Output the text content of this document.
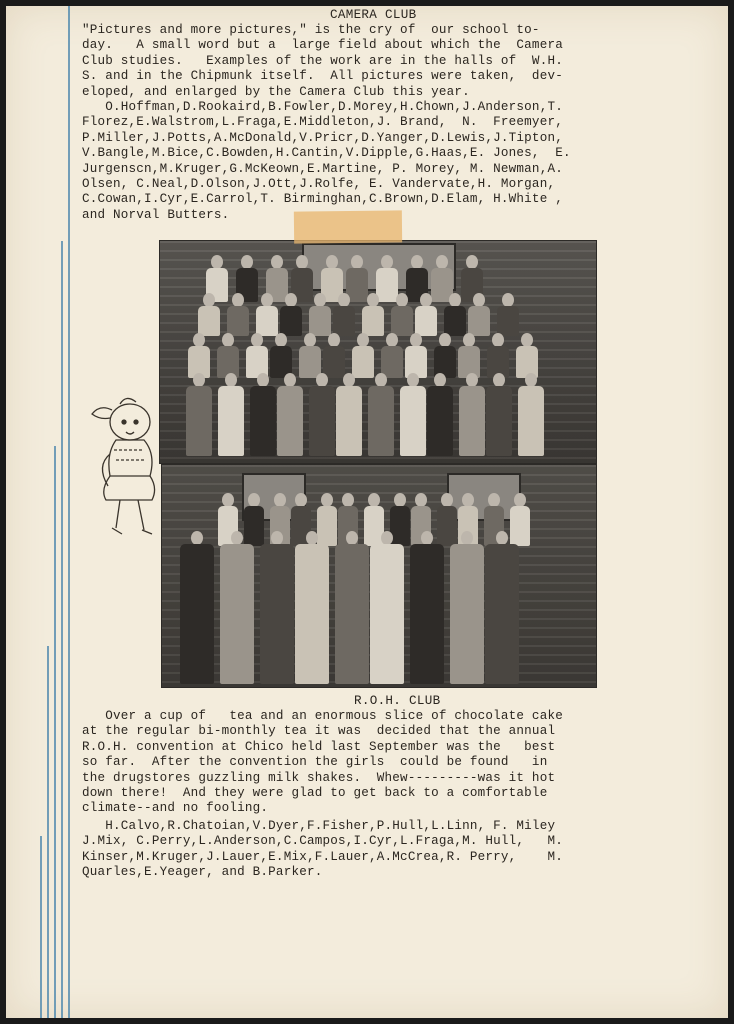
CAMERA CLUB

"Pictures and more pictures," is the cry of  our school to-

day.   A small word but a  large field about which the  Camera

Club studies.   Examples of the work are in the halls of  W.H.

S. and in the Chipmunk itself.  All pictures were taken,  dev-

eloped, and enlarged by the Camera Club this year.

O.Hoffman,D.Rookaird,B.Fowler,D.Morey,H.Chown,J.Anderson,T.

Florez,E.Walstrom,L.Fraga,E.Middleton,J. Brand,  N.  Freemyer,

P.Miller,J.Potts,A.McDonald,V.Pricr,D.Yanger,D.Lewis,J.Tipton,

V.Bangle,M.Bice,C.Bowden,H.Cantin,V.Dipple,G.Haas,E. Jones,  E.

Jurgenscn,M.Kruger,G.McKeown,E.Martine, P. Morey, M. Newman,A.

Olsen, C.Neal,D.Olson,J.Ott,J.Rolfe, E. Vandervate,H. Morgan,

C.Cowan,I.Cyr,E.Carrol,T. Birminghan,C.Brown,D.Elam, H.White ,

and Norval Butters.

R.O.H. CLUB

Over a cup of   tea and an enormous slice of chocolate cake

at the regular bi-monthly tea it was  decided that the annual

R.O.H. convention at Chico held last September was the   best

so far.  After the convention the girls  could be found   in

the drugstores guzzling milk shakes.  Whew---------was it hot

down there!  And they were glad to get back to a comfortable

climate--and no fooling.

H.Calvo,R.Chatoian,V.Dyer,F.Fisher,P.Hull,L.Linn, F. Miley

J.Mix, C.Perry,L.Anderson,C.Campos,I.Cyr,L.Fraga,M. Hull,   M.

Kinser,M.Kruger,J.Lauer,E.Mix,F.Lauer,A.McCrea,R. Perry,    M.

Quarles,E.Yeager, and B.Parker.
